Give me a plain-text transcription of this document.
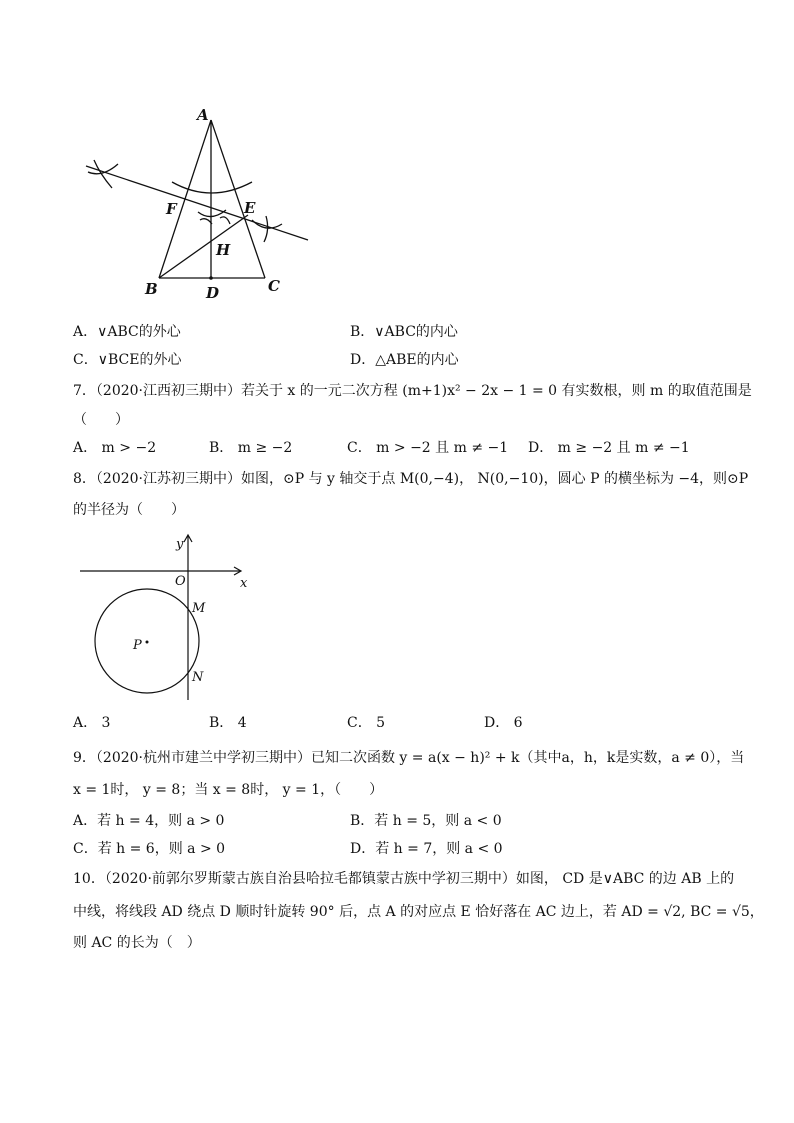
A
B	C
D
E
F
H
A．∨ABC的外心	B．∨ABC的内心
C．∨BCE的外心	D．△ABE的内心
7．（2020·江西初三期中）若关于 x 的一元二次方程 (m+1)x² − 2x − 1 = 0 有实数根，则 m 的取值范围是
（　　）
A． m > −2	B． m ≥ −2	C． m > −2 且 m ≠ −1 D． m ≥ −2 且 m ≠ −1
8．（2020·江苏初三期中）如图，⊙P 与 y 轴交于点 M(0,−4)， N(0,−10)，圆心 P 的横坐标为 −4，则⊙P
的半径为（　　）
y
x
O
M
N
P
A． 3	B． 4	C． 5	D． 6
9．（2020·杭州市建兰中学初三期中）已知二次函数 y = a(x − h)² + k（其中a，h，k是实数，a ≠ 0），当
x = 1时， y = 8；当 x = 8时， y = 1，（　　）
A．若 h = 4，则 a > 0	B．若 h = 5，则 a < 0
C．若 h = 6，则 a > 0	D．若 h = 7，则 a < 0
10．（2020·前郭尔罗斯蒙古族自治县哈拉毛都镇蒙古族中学初三期中）如图， CD 是∨ABC 的边 AB 上的
中线，将线段 AD 绕点 D 顺时针旋转 90° 后，点 A 的对应点 E 恰好落在 AC 边上，若 AD = √2, BC = √5，
则 AC 的长为（　）
